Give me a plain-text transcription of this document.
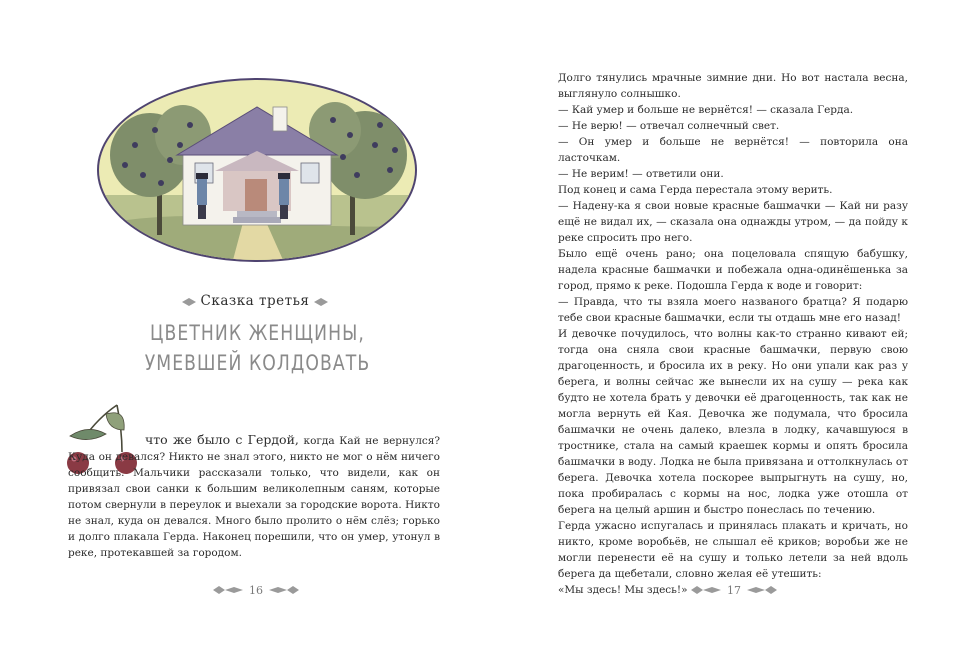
Сказка третья
ЦВЕТНИК ЖЕНЩИНЫ,
УМЕВШЕЙ КОЛДОВАТЬ

что же было с Гердой, когда Кай не вернулся? Куда он девался? Никто не знал этого, никто не мог о нём ничего сообщить. Мальчики рассказали только, что видели, как он привязал свои санки к большим великолепным саням, которые потом свернули в переулок и выехали за городские ворота. Никто не знал, куда он девался. Много было пролито о нём слёз; горько и долго плакала Герда. Наконец порешили, что он умер, утонул в реке, протекавшей за городом.

16

Долго тянулись мрачные зимние дни. Но вот настала весна, выглянуло солнышко.

— Кай умер и больше не вернётся! — сказала Герда.

— Не верю! — отвечал солнечный свет.

— Он умер и больше не вернётся! — повторила она ласточкам.

— Не верим! — ответили они.

Под конец и сама Герда перестала этому верить.

— Надену-ка я свои новые красные башмачки — Кай ни разу ещё не видал их, — сказала она однажды утром, — да пойду к реке спросить про него.

Было ещё очень рано; она поцеловала спящую бабушку, надела красные башмачки и побежала одна-одинёшенька за город, прямо к реке. Подошла Герда к воде и говорит:

— Правда, что ты взяла моего названого братца? Я подарю тебе свои красные башмачки, если ты отдашь мне его назад!

И девочке почудилось, что волны как-то странно кивают ей; тогда она сняла свои красные башмачки, первую свою драгоценность, и бросила их в реку. Но они упали как раз у берега, и волны сейчас же вынесли их на сушу — река как будто не хотела брать у девочки её драгоценность, так как не могла вернуть ей Кая. Девочка же подумала, что бросила башмачки не очень далеко, влезла в лодку, качавшуюся в тростнике, стала на самый краешек кормы и опять бросила башмачки в воду. Лодка не была привязана и оттолкнулась от берега. Девочка хотела поскорее выпрыгнуть на сушу, но, пока пробиралась с кормы на нос, лодка уже отошла от берега на целый аршин и быстро понеслась по течению.

Герда ужасно испугалась и принялась плакать и кричать, но никто, кроме воробьёв, не слышал её криков; воробьи же не могли перенести её на сушу и только летели за ней вдоль берега да щебетали, словно желая её утешить:

«Мы здесь! Мы здесь!»	17
